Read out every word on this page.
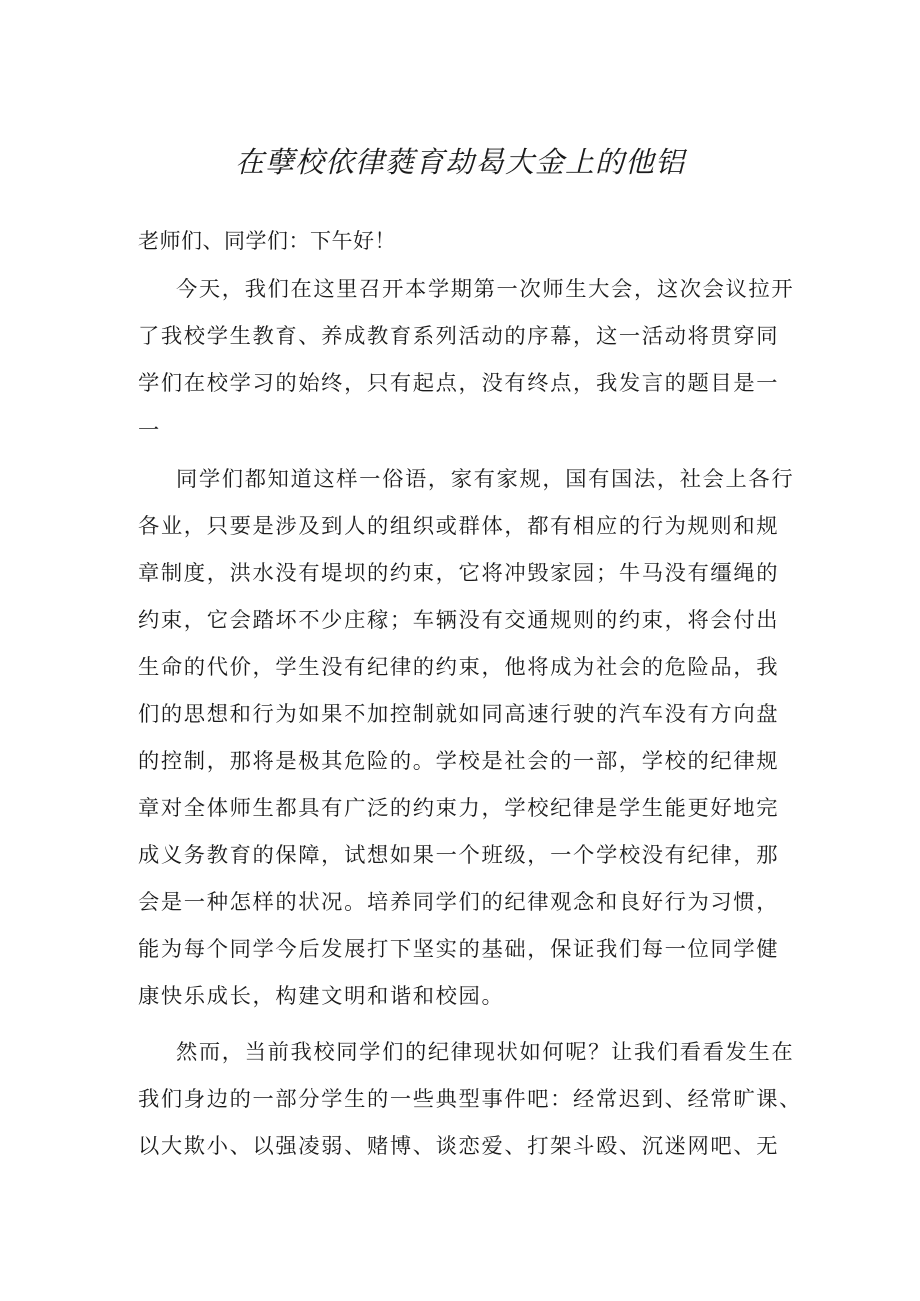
在孽校依律蕤育劫曷大金上的他铝
老师们、同学们：下午好！
今天，我们在这里召开本学期第一次师生大会，这次会议拉开
了我校学生教育、养成教育系列活动的序幕，这一活动将贯穿同
学们在校学习的始终，只有起点，没有终点，我发言的题目是一
一
同学们都知道这样一俗语，家有家规，国有国法，社会上各行
各业，只要是涉及到人的组织或群体，都有相应的行为规则和规
章制度，洪水没有堤坝的约束，它将冲毁家园；牛马没有缰绳的
约束，它会踏坏不少庄稼；车辆没有交通规则的约束，将会付出
生命的代价，学生没有纪律的约束，他将成为社会的危险品，我
们的思想和行为如果不加控制就如同高速行驶的汽车没有方向盘
的控制，那将是极其危险的。学校是社会的一部，学校的纪律规
章对全体师生都具有广泛的约束力，学校纪律是学生能更好地完
成义务教育的保障，试想如果一个班级，一个学校没有纪律，那
会是一种怎样的状况。培养同学们的纪律观念和良好行为习惯，
能为每个同学今后发展打下坚实的基础，保证我们每一位同学健
康快乐成长，构建文明和谐和校园。
然而，当前我校同学们的纪律现状如何呢？让我们看看发生在
我们身边的一部分学生的一些典型事件吧：经常迟到、经常旷课、
以大欺小、以强凌弱、赌博、谈恋爱、打架斗殴、沉迷网吧、无
